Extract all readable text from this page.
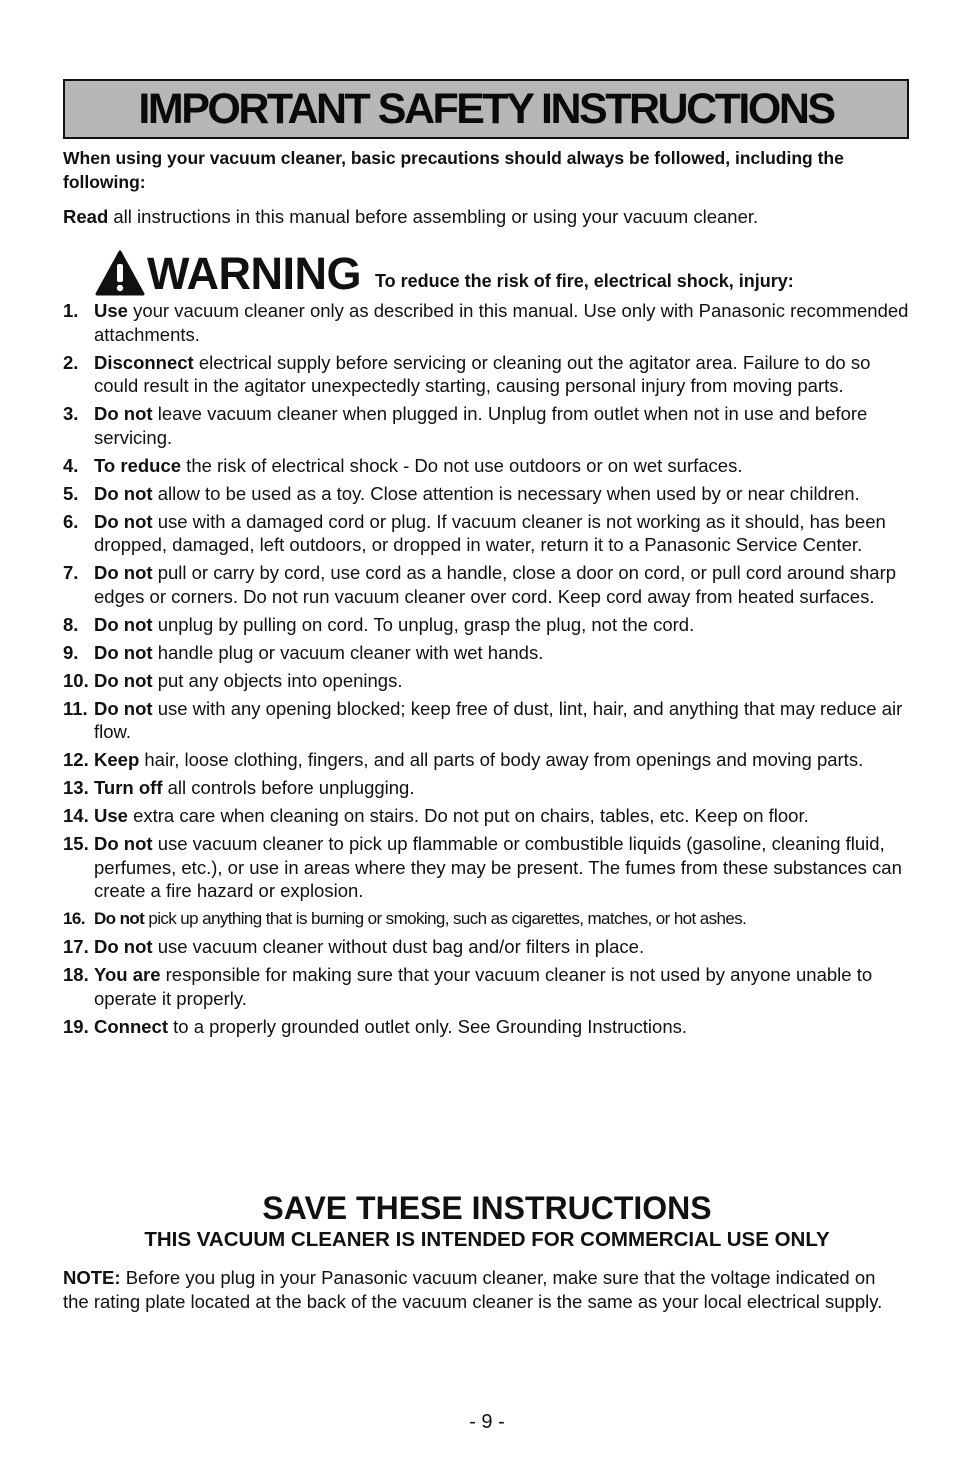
IMPORTANT SAFETY INSTRUCTIONS
When using your vacuum cleaner, basic precautions should always be followed, including the following:
Read all instructions in this manual before assembling or using your vacuum cleaner.
WARNING To reduce the risk of fire, electrical shock, injury:
1. Use your vacuum cleaner only as described in this manual. Use only with Panasonic recommended attachments.
2. Disconnect electrical supply before servicing or cleaning out the agitator area. Failure to do so could result in the agitator unexpectedly starting, causing personal injury from moving parts.
3. Do not leave vacuum cleaner when plugged in. Unplug from outlet when not in use and before servicing.
4. To reduce the risk of electrical shock - Do not use outdoors or on wet surfaces.
5. Do not allow to be used as a toy. Close attention is necessary when used by or near children.
6. Do not use with a damaged cord or plug. If vacuum cleaner is not working as it should, has been dropped, damaged, left outdoors, or dropped in water, return it to a Panasonic Service Center.
7. Do not pull or carry by cord, use cord as a handle, close a door on cord, or pull cord around sharp edges or corners. Do not run vacuum cleaner over cord. Keep cord away from heated surfaces.
8. Do not unplug by pulling on cord. To unplug, grasp the plug, not the cord.
9. Do not handle plug or vacuum cleaner with wet hands.
10. Do not put any objects into openings.
11. Do not use with any opening blocked; keep free of dust, lint, hair, and anything that may reduce air flow.
12. Keep hair, loose clothing, fingers, and all parts of body away from openings and moving parts.
13. Turn off all controls before unplugging.
14. Use extra care when cleaning on stairs. Do not put on chairs, tables, etc. Keep on floor.
15. Do not use vacuum cleaner to pick up flammable or combustible liquids (gasoline, cleaning fluid, perfumes, etc.), or use in areas where they may be present. The fumes from these substances can create a fire hazard or explosion.
16. Do not pick up anything that is burning or smoking, such as cigarettes, matches, or hot ashes.
17. Do not use vacuum cleaner without dust bag and/or filters in place.
18. You are responsible for making sure that your vacuum cleaner is not used by anyone unable to operate it properly.
19. Connect to a properly grounded outlet only. See Grounding Instructions.
SAVE THESE INSTRUCTIONS
THIS VACUUM CLEANER IS INTENDED FOR COMMERCIAL USE ONLY
NOTE: Before you plug in your Panasonic vacuum cleaner, make sure that the voltage indicated on the rating plate located at the back of the vacuum cleaner is the same as your local electrical supply.
- 9 -
